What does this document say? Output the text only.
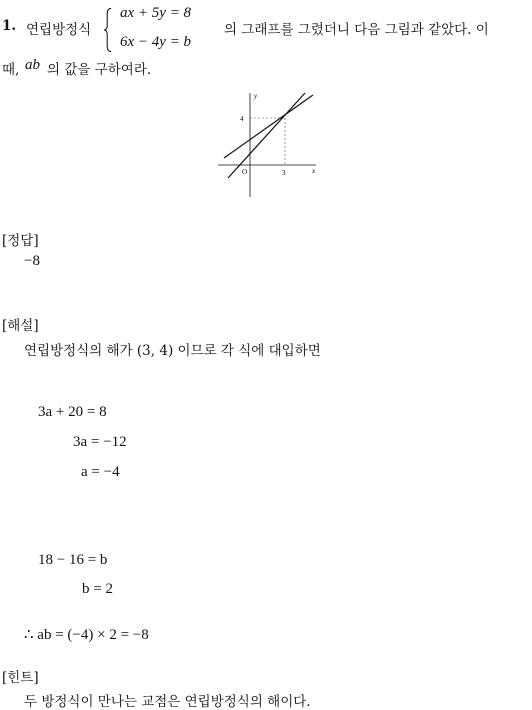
1. 연립방정식
ax + 5y = 8
6x − 4y = b
의 그래프를 그렸더니 다음 그림과 같았다. 이
때, ab 의 값을 구하여라.
x
y
O	3
4
[정답]
−8
[해설]
연립방정식의 해가 (3, 4) 이므로 각 식에 대입하면
3a + 20 = 8
3a = −12
a = −4
18 − 16 = b
b = 2
∴ ab = (−4) × 2 = −8
[힌트]
두 방정식이 만나는 교점은 연립방정식의 해이다.
